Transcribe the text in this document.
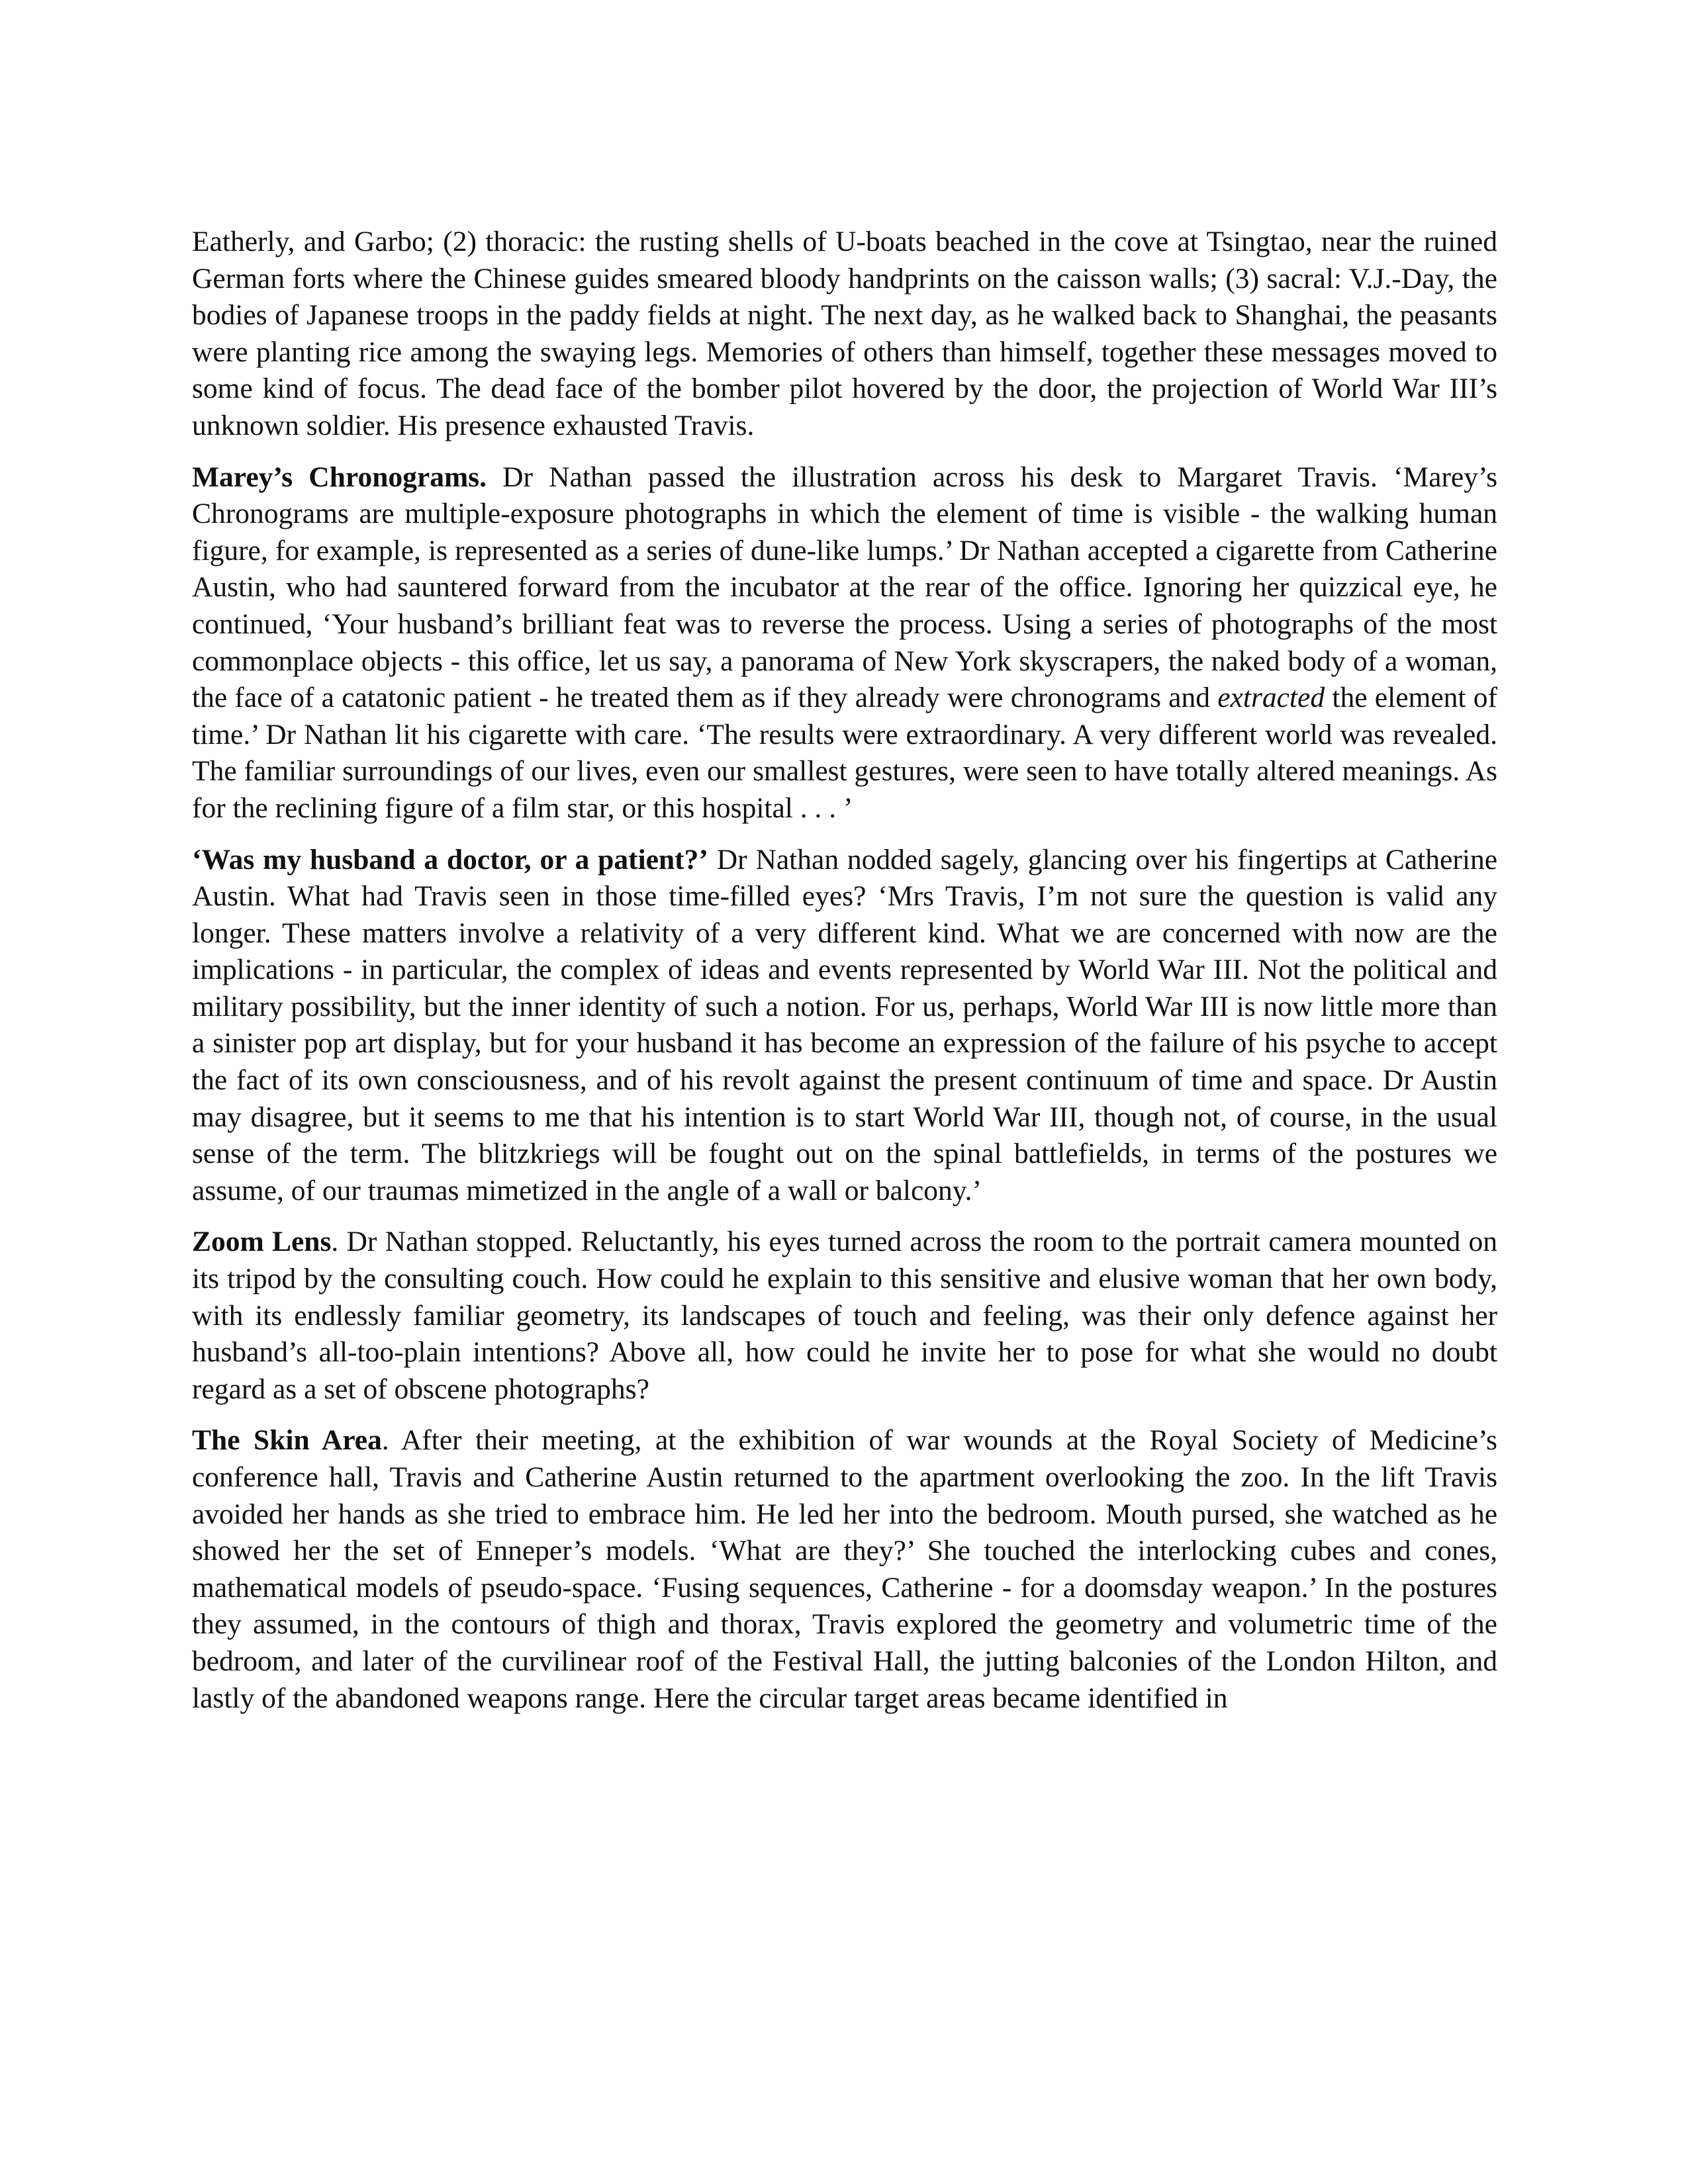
Eatherly, and Garbo; (2) thoracic: the rusting shells of U-boats beached in the cove at Tsingtao, near the ruined German forts where the Chinese guides smeared bloody handprints on the caisson walls; (3) sacral: V.J.-Day, the bodies of Japanese troops in the paddy fields at night. The next day, as he walked back to Shanghai, the peasants were planting rice among the swaying legs. Memories of others than himself, together these messages moved to some kind of focus. The dead face of the bomber pilot hovered by the door, the projection of World War III’s unknown soldier. His presence exhausted Travis.

Marey’s Chronograms. Dr Nathan passed the illustration across his desk to Margaret Travis. ‘Marey’s Chronograms are multiple-exposure photographs in which the element of time is visible - the walking human figure, for example, is represented as a series of dune-like lumps.’ Dr Nathan accepted a cigarette from Catherine Austin, who had sauntered forward from the incubator at the rear of the office. Ignoring her quizzical eye, he continued, ‘Your husband’s brilliant feat was to reverse the process. Using a series of photographs of the most commonplace objects - this office, let us say, a panorama of New York skyscrapers, the naked body of a woman, the face of a catatonic patient - he treated them as if they already were chronograms and extracted the element of time.’ Dr Nathan lit his cigarette with care. ‘The results were extraordinary. A very different world was revealed. The familiar surroundings of our lives, even our smallest gestures, were seen to have totally altered meanings. As for the reclining figure of a film star, or this hospital . . . ’

‘Was my husband a doctor, or a patient?’ Dr Nathan nodded sagely, glancing over his fingertips at Catherine Austin. What had Travis seen in those time-filled eyes? ‘Mrs Travis, I’m not sure the question is valid any longer. These matters involve a relativity of a very different kind. What we are concerned with now are the implications - in particular, the complex of ideas and events represented by World War III. Not the political and military possibility, but the inner identity of such a notion. For us, perhaps, World War III is now little more than a sinister pop art display, but for your husband it has become an expression of the failure of his psyche to accept the fact of its own consciousness, and of his revolt against the present continuum of time and space. Dr Austin may disagree, but it seems to me that his intention is to start World War III, though not, of course, in the usual sense of the term. The blitzkriegs will be fought out on the spinal battlefields, in terms of the postures we assume, of our traumas mimetized in the angle of a wall or balcony.’

Zoom Lens. Dr Nathan stopped. Reluctantly, his eyes turned across the room to the portrait camera mounted on its tripod by the consulting couch. How could he explain to this sensitive and elusive woman that her own body, with its endlessly familiar geometry, its landscapes of touch and feeling, was their only defence against her husband’s all-too-plain intentions? Above all, how could he invite her to pose for what she would no doubt regard as a set of obscene photographs?

The Skin Area. After their meeting, at the exhibition of war wounds at the Royal Society of Medicine’s conference hall, Travis and Catherine Austin returned to the apartment overlooking the zoo. In the lift Travis avoided her hands as she tried to embrace him. He led her into the bedroom. Mouth pursed, she watched as he showed her the set of Enneper’s models. ‘What are they?’ She touched the interlocking cubes and cones, mathematical models of pseudo-space. ‘Fusing sequences, Catherine - for a doomsday weapon.’ In the postures they assumed, in the contours of thigh and thorax, Travis explored the geometry and volumetric time of the bedroom, and later of the curvilinear roof of the Festival Hall, the jutting balconies of the London Hilton, and lastly of the abandoned weapons range. Here the circular target areas became identified in
